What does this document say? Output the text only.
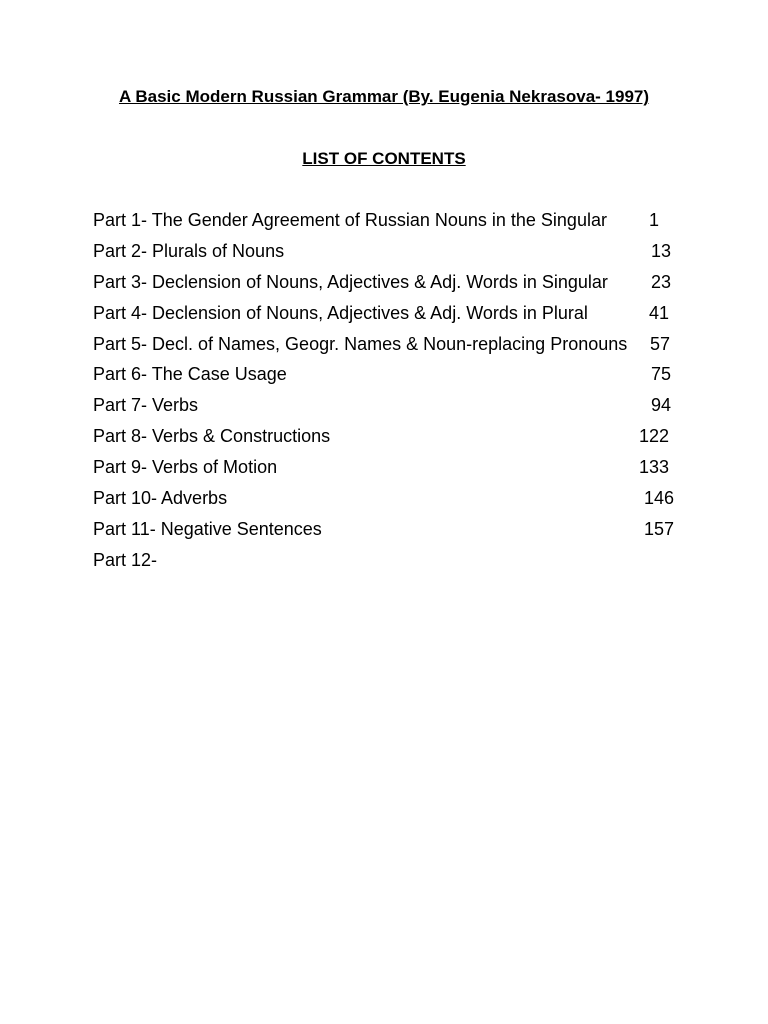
A Basic Modern Russian Grammar (By. Eugenia Nekrasova- 1997)
LIST OF CONTENTS
Part 1- The Gender Agreement of Russian Nouns in the Singular 1
Part 2- Plurals of Nouns	13
Part 3- Declension of Nouns, Adjectives & Adj. Words in Singular 23
Part 4- Declension of Nouns, Adjectives & Adj. Words in Plural	41
Part 5- Decl. of Names, Geogr. Names & Noun-replacing Pronouns 57
Part 6- The Case Usage	75
Part 7- Verbs	94
Part 8- Verbs & Constructions	122
Part 9- Verbs of Motion	133
Part 10- Adverbs	146
Part 11- Negative Sentences	157
Part 12-
